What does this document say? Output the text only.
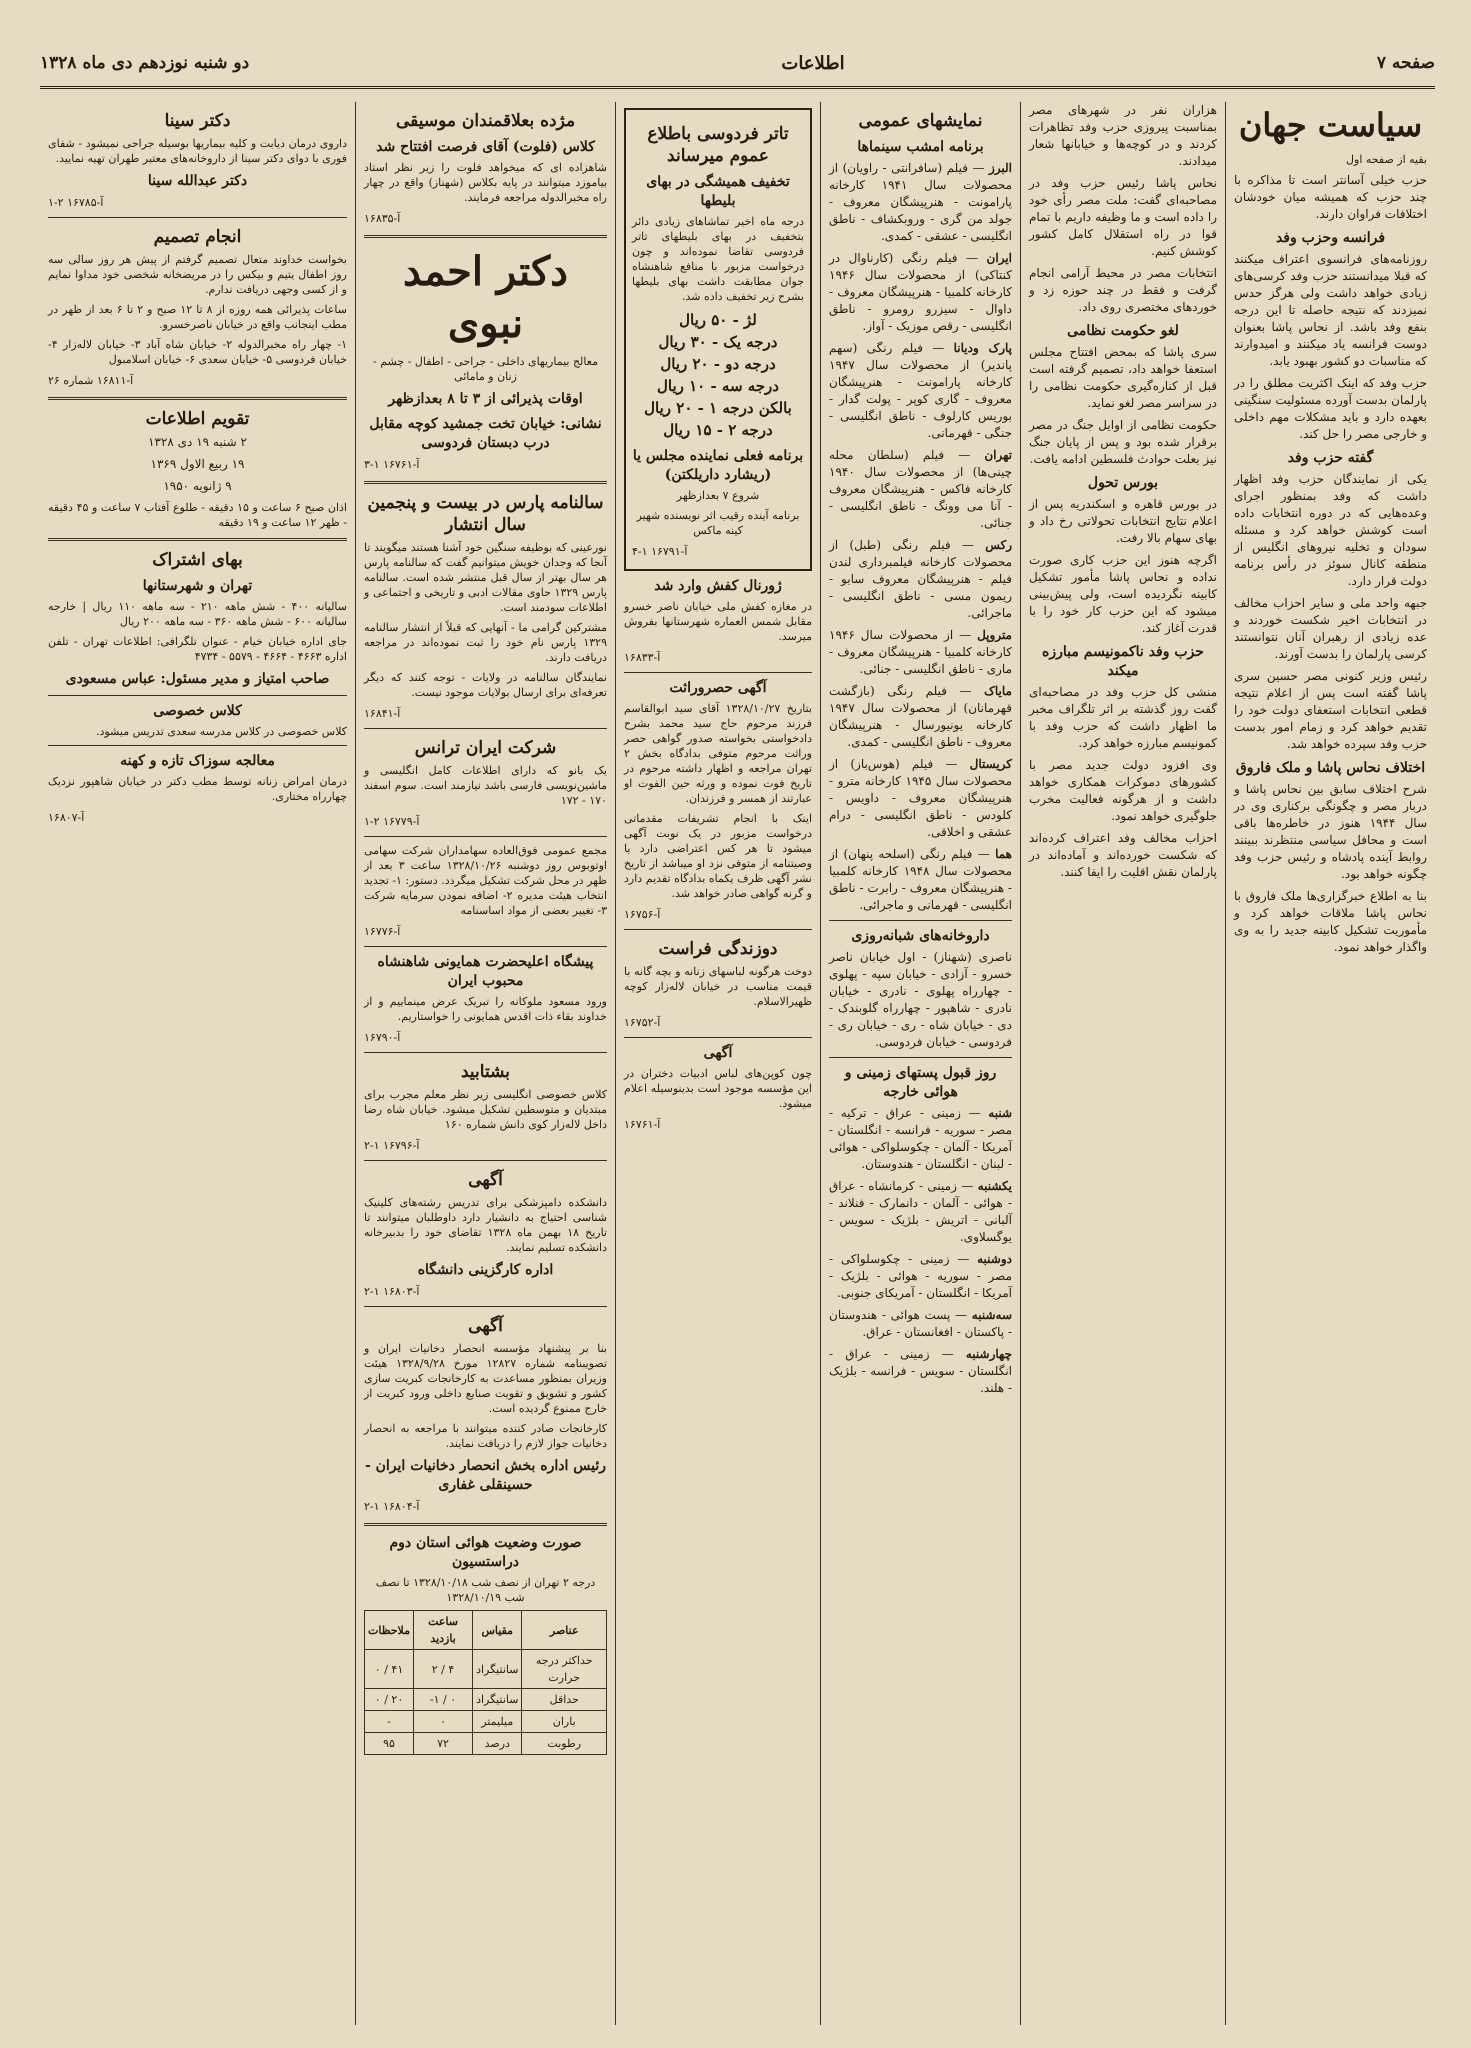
صفحه ۷
اطلاعات
دو شنبه نوزدهم دی ماه ۱۳۲۸
سیاست جهان

بقیه از صفحه اول

حزب خیلی آسانتر است تا مذاکره با چند حزب که همیشه میان خودشان اختلافات فراوان دارند.

فرانسه وحزب وفد

روزنامه‌های فرانسوی اعتراف میکنند که قبلا میدانستند حزب وفد کرسی‌های زیادی خواهد داشت ولی هرگز حدس نمیزدند که نتیجه حاصله تا این درجه بنفع وفد باشد. از نحاس پاشا بعنوان دوست فرانسه یاد میکنند و امیدوارند که مناسبات دو کشور بهبود یابد.

حزب وفد که اینک اکثریت مطلق را در پارلمان بدست آورده مسئولیت سنگینی بعهده دارد و باید مشکلات مهم داخلی و خارجی مصر را حل کند.

گفته حزب وفد

یکی از نمایندگان حزب وفد اظهار داشت که وفد بمنظور اجرای وعده‌هایی که در دوره انتخابات داده است کوشش خواهد کرد و مسئله سودان و تخلیه نیروهای انگلیس از منطقه کانال سوئز در رأس برنامه دولت قرار دارد.

جبهه واحد ملی و سایر احزاب مخالف در انتخابات اخیر شکست خوردند و عده زیادی از رهبران آنان نتوانستند کرسی پارلمان را بدست آورند.

رئیس وزیر کنونی مصر حسین سری پاشا گفته است پس از اعلام نتیجه قطعی انتخابات استعفای دولت خود را تقدیم خواهد کرد و زمام امور بدست حزب وفد سپرده خواهد شد.

اختلاف نحاس پاشا و ملک فاروق

شرح اختلاف سابق بین نحاس پاشا و دربار مصر و چگونگی برکناری وی در سال ۱۹۴۴ هنوز در خاطره‌ها باقی است و محافل سیاسی منتظرند ببینند روابط آینده پادشاه و رئیس حزب وفد چگونه خواهد بود.

بنا به اطلاع خبرگزاری‌ها ملک فاروق با نحاس پاشا ملاقات خواهد کرد و مأموریت تشکیل کابینه جدید را به وی واگذار خواهد نمود.

هزاران نفر در شهرهای مصر بمناسبت پیروزی حزب وفد تظاهرات کردند و در کوچه‌ها و خیابانها شعار میدادند.

نحاس پاشا رئیس حزب وفد در مصاحبه‌ای گفت: ملت مصر رأی خود را داده است و ما وظیفه داریم با تمام قوا در راه استقلال کامل کشور کوشش کنیم.

انتخابات مصر در محیط آرامی انجام گرفت و فقط در چند حوزه زد و خوردهای مختصری روی داد.

لغو حکومت نظامی

سری پاشا که بمحض افتتاح مجلس استعفا خواهد داد، تصمیم گرفته است قبل از کناره‌گیری حکومت نظامی را در سراسر مصر لغو نماید.

حکومت نظامی از اوایل جنگ در مصر برقرار شده بود و پس از پایان جنگ نیز بعلت حوادث فلسطین ادامه یافت.

بورس تحول

در بورس قاهره و اسکندریه پس از اعلام نتایج انتخابات تحولاتی رخ داد و بهای سهام بالا رفت.

اگرچه هنوز این حزب کاری صورت نداده و نحاس پاشا مأمور تشکیل کابینه نگردیده است، ولی پیش‌بینی میشود که این حزب کار خود را با قدرت آغاز کند.

حزب وفد ناکمونیسم مبارزه میکند

منشی کل حزب وفد در مصاحبه‌ای گفت روز گذشته بر اثر تلگراف مخبر ما اظهار داشت که حزب وفد با کمونیسم مبارزه خواهد کرد.

وی افزود دولت جدید مصر با کشورهای دموکرات همکاری خواهد داشت و از هرگونه فعالیت مخرب جلوگیری خواهد نمود.

احزاب مخالف وفد اعتراف کرده‌اند که شکست خورده‌اند و آماده‌اند در پارلمان نقش اقلیت را ایفا کنند.

نمایشهای عمومی
برنامه امشب سینماها

البرز — فیلم (سافرانتی - راویان) از محصولات سال ۱۹۴۱ کارخانه پارامونت - هنرپیشگان معروف - جولد من گری - وروبکشاف - ناطق انگلیسی - عشقی - کمدی.

ایران — فیلم رنگی (کارناوال در کنتاکی) از محصولات سال ۱۹۴۶ کارخانه کلمبیا - هنرپیشگان معروف - داوال - سیزرو رومرو - ناطق انگلیسی - رقص موزیک - آواز.

پارک ودیانا — فیلم رنگی (سهم پاندیر) از محصولات سال ۱۹۴۷ کارخانه پارامونت - هنرپیشگان معروف - گاری کوپر - پولت گدار - بوریس کارلوف - ناطق انگلیسی - جنگی - قهرمانی.

تهران — فیلم (سلطان محله چینی‌ها) از محصولات سال ۱۹۴۰ کارخانه فاکس - هنرپیشگان معروف - آنا می وونگ - ناطق انگلیسی - جنائی.

رکس — فیلم رنگی (طبل) از محصولات کارخانه فیلمبرداری لندن فیلم - هنرپیشگان معروف سابو - ریمون مسی - ناطق انگلیسی - ماجرائی.

متروپل — از محصولات سال ۱۹۴۶ کارخانه کلمبیا - هنرپیشگان معروف - ماری - ناطق انگلیسی - جنائی.

مایاک — فیلم رنگی (بازگشت قهرمانان) از محصولات سال ۱۹۴۷ کارخانه یونیورسال - هنرپیشگان معروف - ناطق انگلیسی - کمدی.

کریستال — فیلم (هوس‌باز) از محصولات سال ۱۹۴۵ کارخانه مترو - هنرپیشگان معروف - داویس - کلودس - ناطق انگلیسی - درام عشقی و اخلاقی.

هما — فیلم رنگی (اسلحه پنهان) از محصولات سال ۱۹۴۸ کارخانه کلمبیا - هنرپیشگان معروف - رابرت - ناطق انگلیسی - قهرمانی و ماجرائی.

داروخانه‌های شبانه‌روزی

ناصری (شهناز) - اول خیابان ناصر خسرو - آزادی - خیابان سپه - پهلوی - چهارراه پهلوی - نادری - خیابان نادری - شاهپور - چهارراه گلوبندک - دی - خیابان شاه - ری - خیابان ری - فردوسی - خیابان فردوسی.

روز قبول پستهای زمینی و هوائی خارجه

شنبه — زمینی - عراق - ترکیه - مصر - سوریه - فرانسه - انگلستان - آمریکا - آلمان - چکوسلواکی - هوائی - لبنان - انگلستان - هندوستان.

یکشنبه — زمینی - کرمانشاه - عراق - هوائی - آلمان - دانمارک - فنلاند - آلبانی - اتریش - بلژیک - سویس - یوگسلاوی.

دوشنبه — زمینی - چکوسلواکی - مصر - سوریه - هوائی - بلژیک - آمریکا - انگلستان - آمریکای جنوبی.

سه‌شنبه — پست هوائی - هندوستان - پاکستان - افغانستان - عراق.

چهارشنبه — زمینی - عراق - انگلستان - سویس - فرانسه - بلژیک - هلند.

تاتر فردوسی باطلاع عموم میرساند
تخفیف همیشگی در بهای بلیطها

درجه ماه اخیر تماشاهای زیادی دائر بتخفیف در بهای بلیطهای تاتر فردوسی تقاضا نموده‌اند و چون درخواست مزبور با منافع شاهنشاه جوان مطابقت داشت بهای بلیطها بشرح زیر تخفیف داده شد.

لژ - ۵۰ ریال
درجه یک - ۳۰ ریال
درجه دو - ۲۰ ریال
درجه سه - ۱۰ ریال
بالکن درجه ۱ - ۲۰ ریال
درجه ۲ - ۱۵ ریال
برنامه فعلی نماینده مجلس یا (ریشارد داریلکتن)

شروع ۷ بعدازظهر

برنامه آینده رقیب اثر نویسنده شهیر کینه ماکس

آ-۱۶۷۹۱ ۱-۴
ژورنال کفش وارد شد

در مغازه کفش ملی خیابان ناصر خسرو مقابل شمس العماره شهرستانها بفروش میرسد.

آ-۱۶۸۳۳
آگهی حصروراثت

بتاریخ ۱۳۲۸/۱۰/۲۷ آقای سید ابوالقاسم فرزند مرحوم حاج سید محمد بشرح دادخواستی بخواسته صدور گواهی حصر وراثت مرحوم متوفی بدادگاه بخش ۲ تهران مراجعه و اظهار داشته مرحوم در تاریخ فوت نموده و ورثه حین الفوت او عبارتند از همسر و فرزندان.

اینک با انجام تشریفات مقدماتی درخواست مزبور در یک نوبت آگهی میشود تا هر کس اعتراضی دارد یا وصیتنامه از متوفی نزد او میباشد از تاریخ نشر آگهی ظرف یکماه بدادگاه تقدیم دارد و گرنه گواهی صادر خواهد شد.

آ-۱۶۷۵۶
دوزندگی فراست

دوخت هرگونه لباسهای زنانه و بچه گانه با قیمت مناسب در خیابان لاله‌زار کوچه ظهیرالاسلام.

آ-۱۶۷۵۲
آگهی

چون کوپن‌های لباس ادبیات دختران در این مؤسسه موجود است بدینوسیله اعلام میشود.

آ-۱۶۷۶۱
مژده بعلاقمندان موسیقی
کلاس (فلوت) آقای فرصت افتتاح شد

شاهزاده ای که میخواهد فلوت را زیر نظر استاد بیاموزد میتوانند در پایه بکلاس (شهناز) واقع در چهار راه مخبرالدوله مراجعه فرمایند.

آ-۱۶۸۳۵
دکتر احمد نبوی

معالج بیماریهای داخلی - جراحی - اطفال - چشم - زنان و مامائی

اوقات پذیرائی از ۳ تا ۸ بعدازظهر
نشانی: خیابان تخت جمشید کوچه مقابل درب دبستان فردوسی
آ-۱۶۷۶۱ ۱-۳
سالنامه پارس در بیست و پنجمین سال انتشار

نورعینی که بوظیفه سنگین خود آشنا هستند میگویند تا آنجا که وجدان خویش میتوانیم گفت که سالنامه پارس هر سال بهتر از سال قبل منتشر شده است. سالنامه پارس ۱۳۲۹ حاوی مقالات ادبی و تاریخی و اجتماعی و اطلاعات سودمند است.

مشترکین گرامی ما - آنهایی که قبلاً از انتشار سالنامه ۱۳۲۹ پارس نام خود را ثبت نموده‌اند در مراجعه دریافت دارند.

نمایندگان سالنامه در ولایات - توجه کنند که دیگر تعرفه‌ای برای ارسال بولایات موجود نیست.

آ-۱۶۸۴۱
شرکت ایران ترانس

یک بانو که دارای اطلاعات کامل انگلیسی و ماشین‌نویسی فارسی باشد نیازمند است. سوم اسفند ۱۷۰ - ۱۷۲

آ-۱۶۷۷۹ ۲-۱

مجمع عمومی فوق‌العاده سهامداران شرکت سهامی اوتوبوس روز دوشنبه ۱۳۲۸/۱۰/۲۶ ساعت ۳ بعد از ظهر در محل شرکت تشکیل میگردد. دستور: ۱- تجدید انتخاب هیئت مدیره ۲- اضافه نمودن سرمایه شرکت ۳- تغییر بعضی از مواد اساسنامه

آ-۱۶۷۷۶
پیشگاه اعلیحضرت همایونی شاهنشاه محبوب ایران

ورود مسعود ملوکانه را تبریک عرض مینماییم و از خداوند بقاء ذات اقدس همایونی را خواستاریم.

آ-۱۶۷۹۰
بشتابید

کلاس خصوصی انگلیسی زیر نظر معلم مجرب برای مبتدیان و متوسطین تشکیل میشود. خیابان شاه رضا داخل لاله‌زار کوی دانش شماره ۱۶۰

آ-۱۶۷۹۶ ۱-۲
آگهی

دانشکده دامپزشکی برای تدریس رشته‌های کلینیک شناسی احتیاج به دانشیار دارد داوطلبان میتوانند تا تاریخ ۱۸ بهمن ماه ۱۳۲۸ تقاضای خود را بدبیرخانه دانشکده تسلیم نمایند.

اداره کارگزینی دانشگاه
آ-۱۶۸۰۳ ۱-۲
آگهی

بنا بر پیشنهاد مؤسسه انحصار دخانیات ایران و تصویبنامه شماره ۱۲۸۲۷ مورخ ۱۳۲۸/۹/۲۸ هیئت وزیران بمنظور مساعدت به کارخانجات کبریت سازی کشور و تشویق و تقویت صنایع داخلی ورود کبریت از خارج ممنوع گردیده است.

کارخانجات صادر کننده میتوانند با مراجعه به انحصار دخانیات جواز لازم را دریافت نمایند.

رئیس اداره بخش انحصار دخانیات ایران - حسینقلی غفاری
آ-۱۶۸۰۴ ۱-۲
صورت وضعیت هوائی استان دوم دراستسیون

درجه ۲ تهران از نصف شب ۱۳۲۸/۱۰/۱۸ تا نصف شب ۱۳۲۸/۱۰/۱۹

عناصر	مقیاس	ساعت بازدید	ملاحظات
حداکثر درجه حرارت	سانتیگراد	۴ / ۲	۴۱ / ۰
حداقل	سانتیگراد	۰ / ۱-	۲۰ / ۰
باران	میلیمتر	۰	-
رطوبت	درصد	۷۲	۹۵
دکتر سینا

داروی درمان دیابت و کلیه بیماریها بوسیله جراحی نمیشود - شفای فوری با دوای دکتر سینا از داروخانه‌های معتبر طهران تهیه نمایید.

دکتر عبدالله سینا
آ-۱۶۷۸۵ ۲-۱
انجام تصمیم

بخواست خداوند متعال تصمیم گرفتم از پیش هر روز سالی سه روز اطفال یتیم و بیکس را در مریضخانه شخصی خود مداوا نمایم و از کسی وجهی دریافت ندارم.

ساعات پذیرائی همه روزه از ۸ تا ۱۲ صبح و ۲ تا ۶ بعد از ظهر در مطب اینجانب واقع در خیابان ناصرخسرو.

۱- چهار راه مخبرالدوله ۲- خیابان شاه آباد ۳- خیابان لاله‌زار ۴- خیابان فردوسی ۵- خیابان سعدی ۶- خیابان اسلامبول

آ-۱۶۸۱۱ شماره ۲۶
تقویم اطلاعات

۲ شنبه ۱۹ دی ۱۳۲۸

۱۹ ربیع الاول ۱۳۶۹

۹ ژانویه ۱۹۵۰

اذان صبح ۶ ساعت و ۱۵ دقیقه - طلوع آفتاب ۷ ساعت و ۴۵ دقیقه - ظهر ۱۲ ساعت و ۱۹ دقیقه

بهای اشتراک
تهران و شهرستانها

سالیانه ۴۰۰ - شش ماهه ۲۱۰ - سه ماهه ۱۱۰ ریال | خارجه سالیانه ۶۰۰ - شش ماهه ۳۶۰ - سه ماهه ۲۰۰ ریال

جای اداره خیابان خیام - عنوان تلگرافی: اطلاعات تهران - تلفن اداره ۴۶۶۳ - ۴۶۶۴ - ۵۵۷۹ - ۴۷۳۴

صاحب امتیاز و مدیر مسئول: عباس مسعودی
کلاس خصوصی

کلاس خصوصی در کلاس مدرسه سعدی تدریس میشود.

معالجه سوزاک تازه و کهنه

درمان امراض زنانه توسط مطب دکتر در خیابان شاهپور نزدیک چهارراه مختاری.

آ-۱۶۸۰۷
